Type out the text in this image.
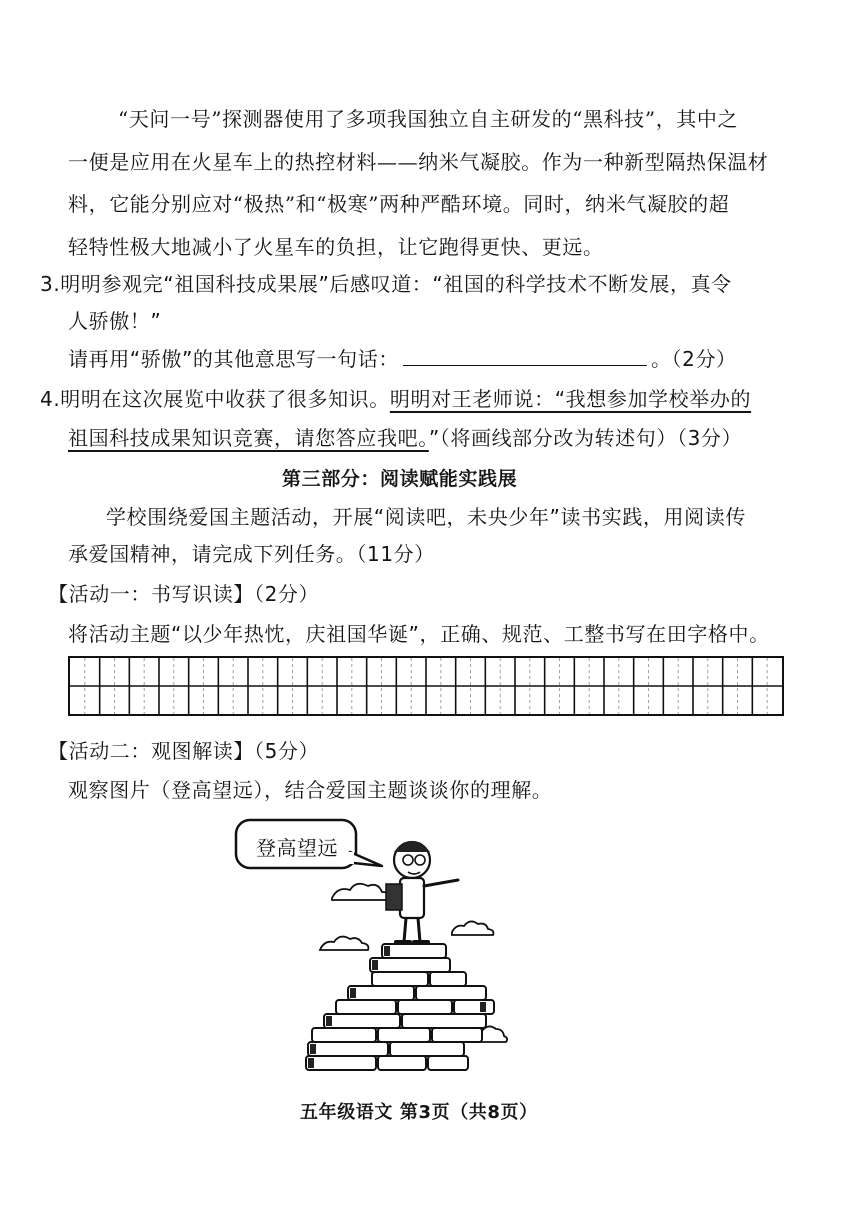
“天问一号”探测器使用了多项我国独立自主研发的“黑科技”，其中之
一便是应用在火星车上的热控材料——纳米气凝胶。作为一种新型隔热保温材
料，它能分别应对“极热”和“极寒”两种严酷环境。同时，纳米气凝胶的超
轻特性极大地减小了火星车的负担，让它跑得更快、更远。
3.明明参观完“祖国科技成果展”后感叹道：“祖国的科学技术不断发展，真令
人骄傲！”
请再用“骄傲”的其他意思写一句话：	。（2分）
4.明明在这次展览中收获了很多知识。明明对王老师说：“我想参加学校举办的
祖国科技成果知识竞赛，请您答应我吧。”（将画线部分改为转述句）（3分）
第三部分：阅读赋能实践展
学校围绕爱国主题活动，开展“阅读吧，未央少年”读书实践，用阅读传
承爱国精神，请完成下列任务。（11分）
【活动一：书写识读】（2分）
将活动主题“以少年热忱，庆祖国华诞”，正确、规范、工整书写在田字格中。
【活动二：观图解读】（5分）
观察图片（登高望远），结合爱国主题谈谈你的理解。
登高望远
五年级语文 第3页（共8页）
